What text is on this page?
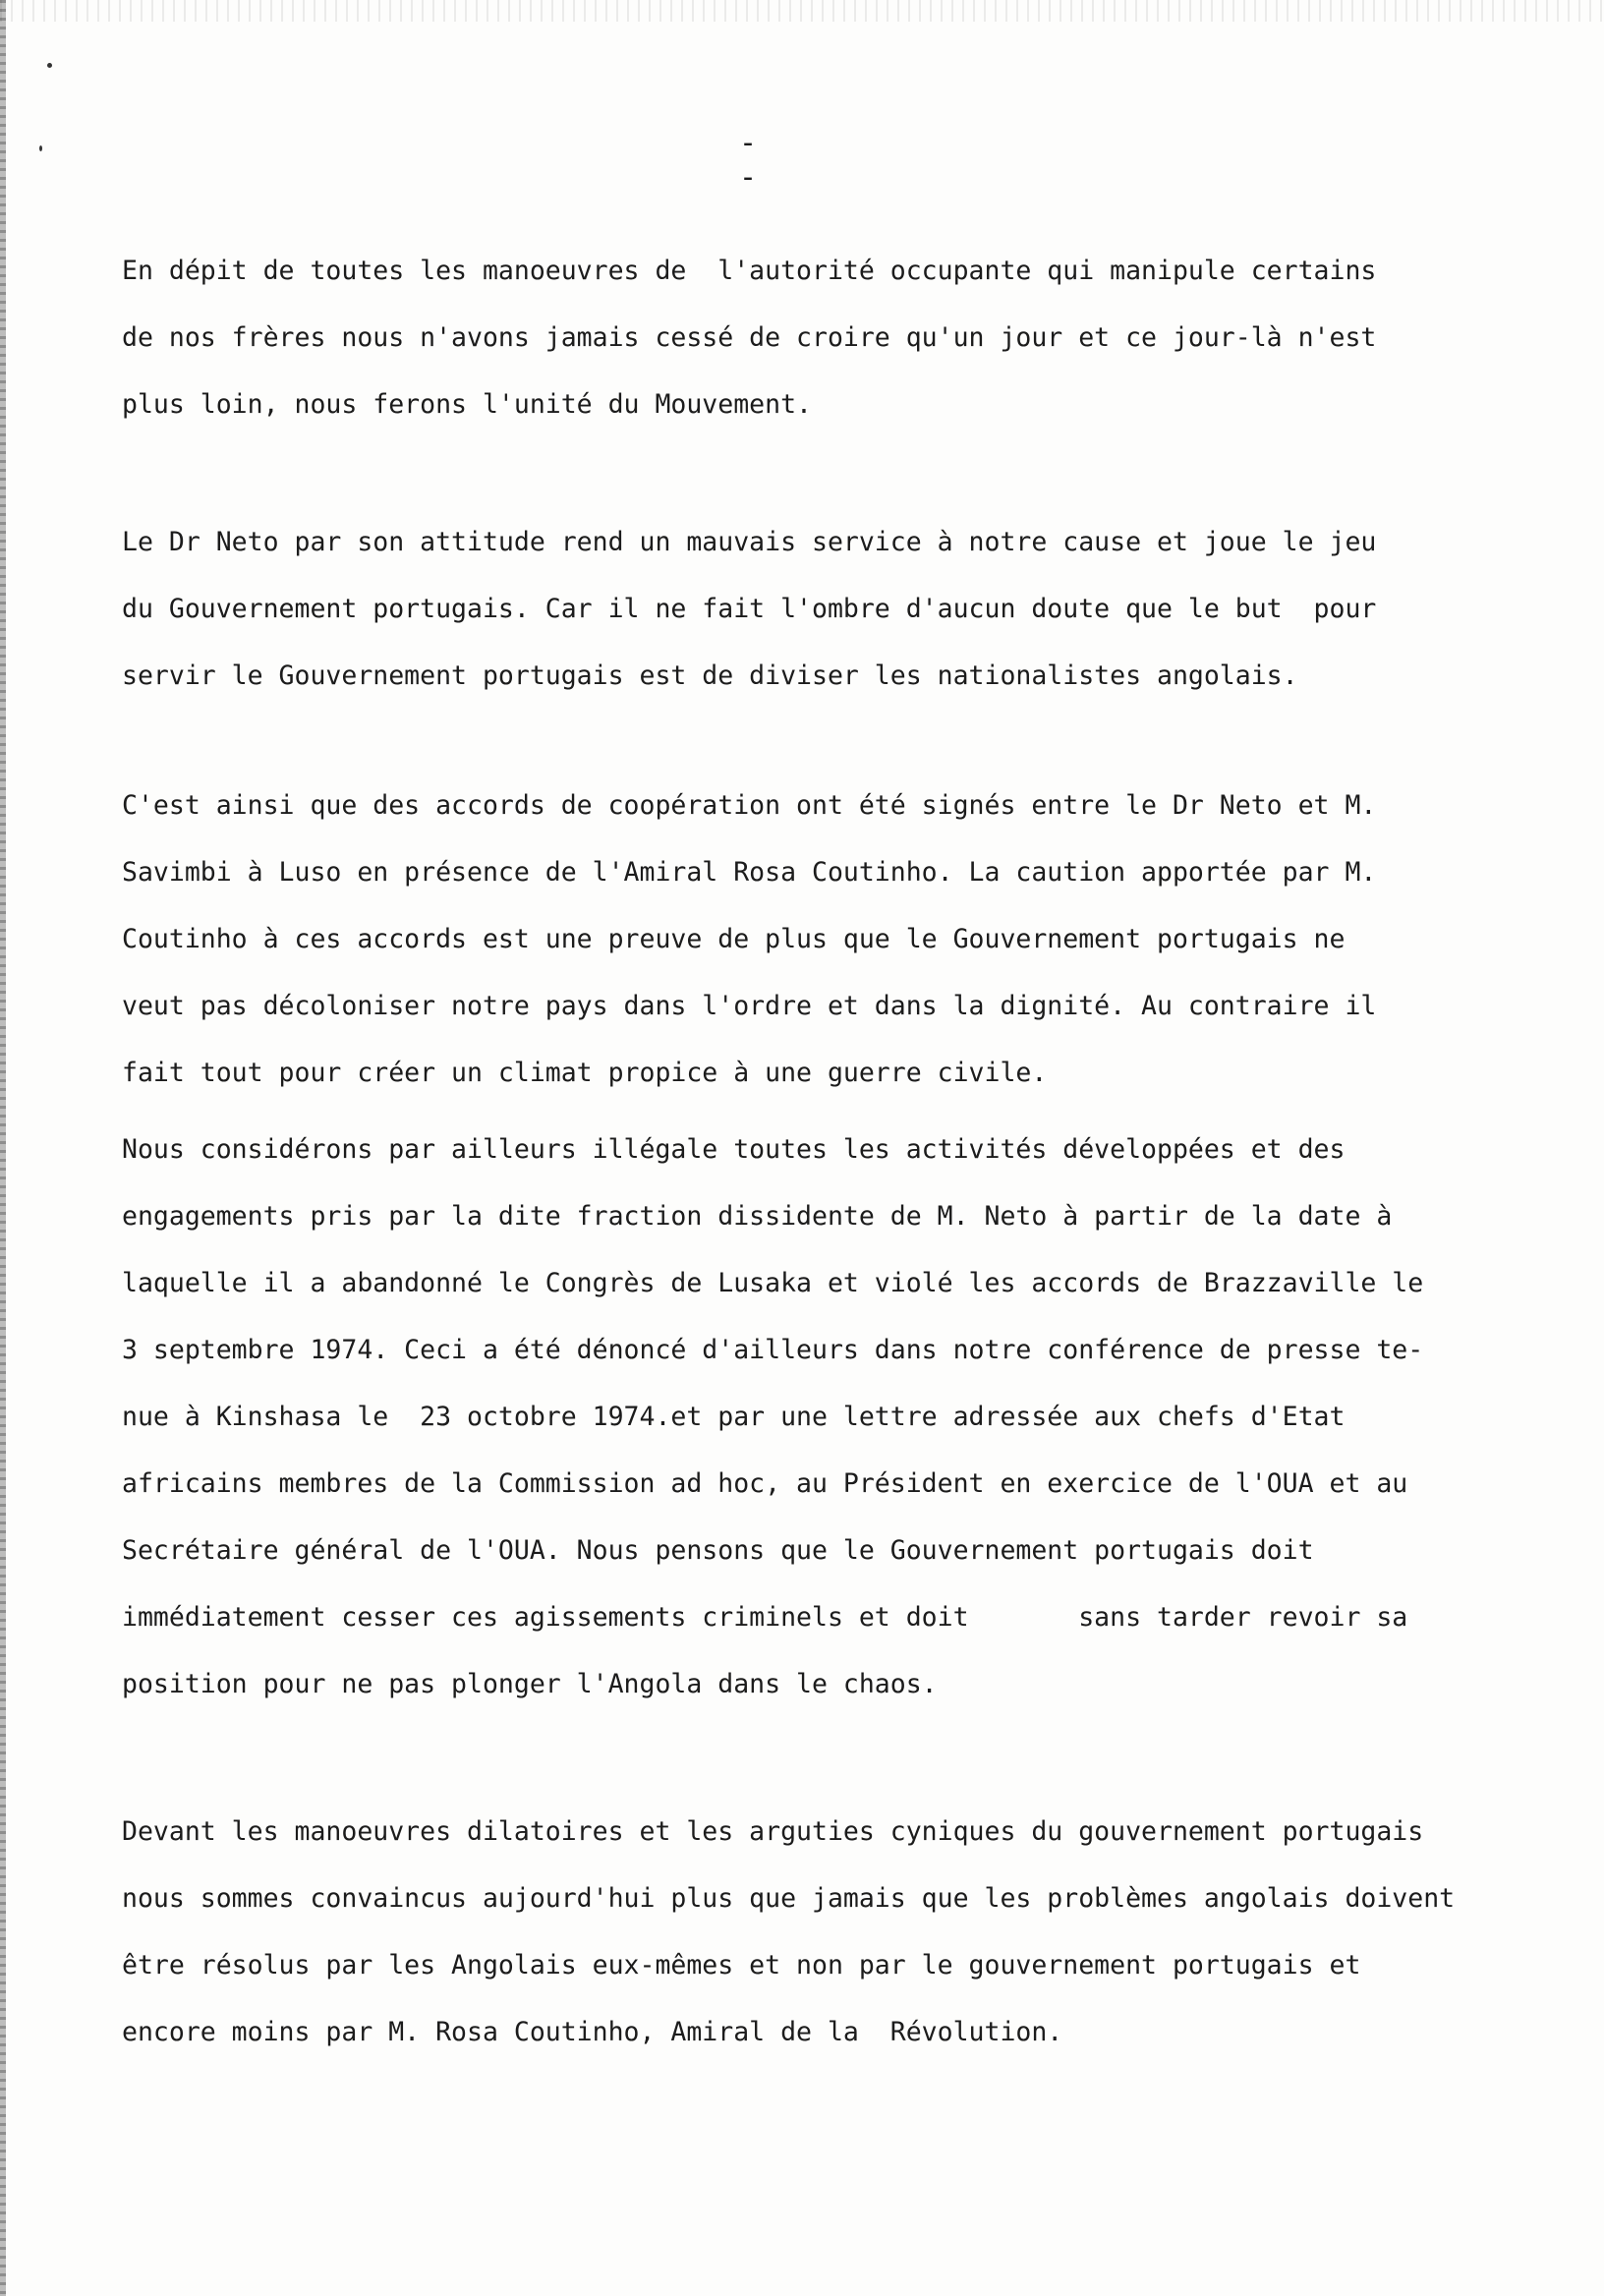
- -
En dépit de toutes les manoeuvres de  l'autorité occupante qui manipule certains
de nos frères nous n'avons jamais cessé de croire qu'un jour et ce jour-là n'est
plus loin, nous ferons l'unité du Mouvement.
Le Dr Neto par son attitude rend un mauvais service à notre cause et joue le jeu
du Gouvernement portugais. Car il ne fait l'ombre d'aucun doute que le but  pour
servir le Gouvernement portugais est de diviser les nationalistes angolais.
C'est ainsi que des accords de coopération ont été signés entre le Dr Neto et M.
Savimbi à Luso en présence de l'Amiral Rosa Coutinho. La caution apportée par M.
Coutinho à ces accords est une preuve de plus que le Gouvernement portugais ne
veut pas décoloniser notre pays dans l'ordre et dans la dignité. Au contraire il
fait tout pour créer un climat propice à une guerre civile.
Nous considérons par ailleurs illégale toutes les activités développées et des
engagements pris par la dite fraction dissidente de M. Neto à partir de la date à
laquelle il a abandonné le Congrès de Lusaka et violé les accords de Brazzaville le
3 septembre 1974. Ceci a été dénoncé d'ailleurs dans notre conférence de presse te-
nue à Kinshasa le  23 octobre 1974.et par une lettre adressée aux chefs d'Etat
africains membres de la Commission ad hoc, au Président en exercice de l'OUA et au
Secrétaire général de l'OUA. Nous pensons que le Gouvernement portugais doit
immédiatement cesser ces agissements criminels et doit       sans tarder revoir sa
position pour ne pas plonger l'Angola dans le chaos.
Devant les manoeuvres dilatoires et les arguties cyniques du gouvernement portugais
nous sommes convaincus aujourd'hui plus que jamais que les problèmes angolais doivent
être résolus par les Angolais eux-mêmes et non par le gouvernement portugais et
encore moins par M. Rosa Coutinho, Amiral de la  Révolution.
